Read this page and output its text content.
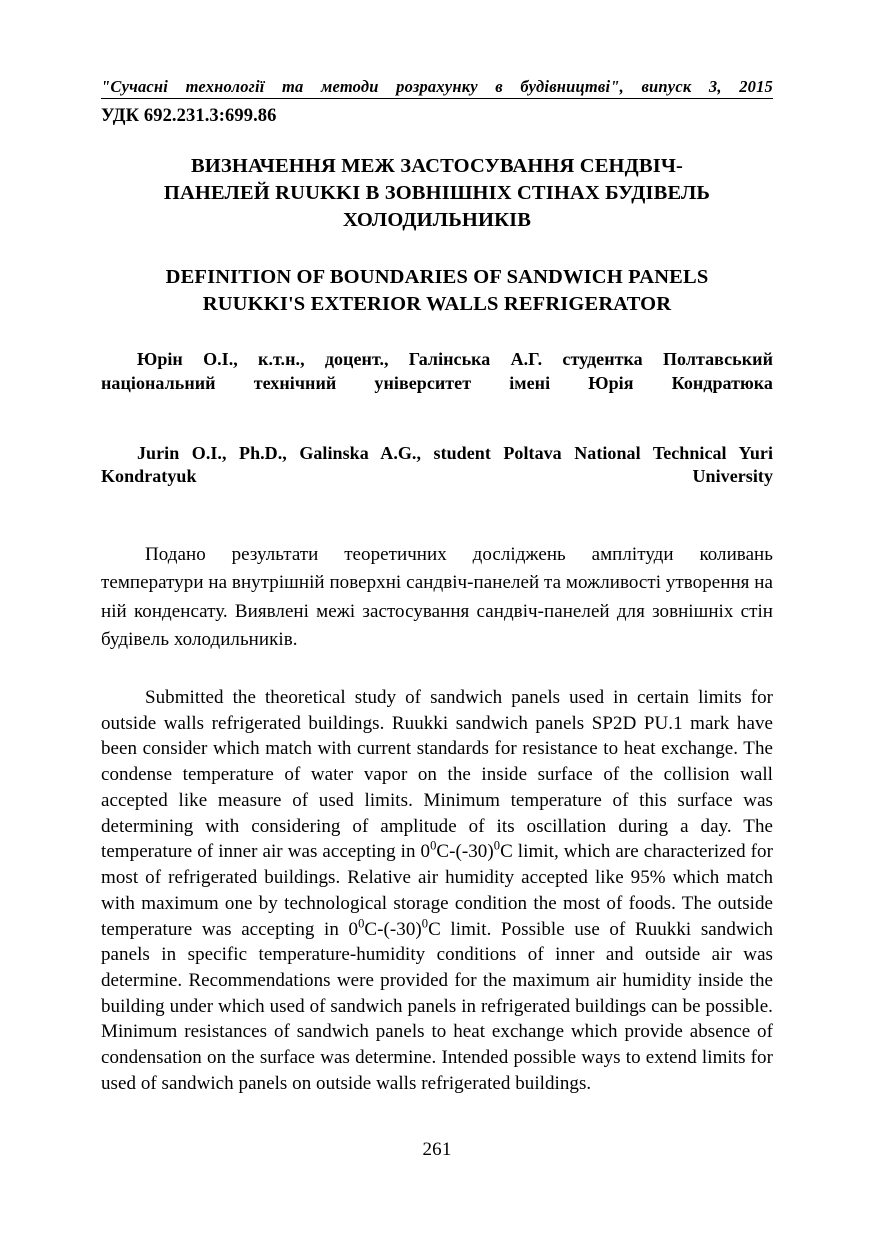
"Сучасні технології та методи розрахунку в будівництві", випуск 3, 2015
УДК 692.231.3:699.86
ВИЗНАЧЕННЯ МЕЖ ЗАСТОСУВАННЯ СЕНДВІЧ-
ПАНЕЛЕЙ RUUKKI В ЗОВНІШНІХ СТІНАХ БУДІВЕЛЬ
ХОЛОДИЛЬНИКІВ
DEFINITION OF BOUNDARIES OF SANDWICH PANELS
RUUKKI'S EXTERIOR WALLS REFRIGERATOR
Юрін О.І., к.т.н., доцент., Галінська А.Г. студентка Полтавський національний технічний університет імені Юрія Кондратюка
Jurin O.I., Ph.D., Galinska A.G., student Poltava National Technical Yuri Kondratyuk University
Подано результати теоретичних досліджень амплітуди коливань температури на внутрішній поверхні сандвіч-панелей та можливості утворення на ній конденсату. Виявлені межі застосування сандвіч-панелей для зовнішніх стін будівель холодильників.
Submitted the theoretical study of sandwich panels used in certain limits for outside walls refrigerated buildings. Ruukki sandwich panels SP2D PU.1 mark have been consider which match with current standards for resistance to heat exchange. The condense temperature of water vapor on the inside surface of the collision wall accepted like measure of used limits. Minimum temperature of this surface was determining with considering of amplitude of its oscillation during a day. The temperature of inner air was accepting in $0^0C-(-30)^0C$ limit, which are characterized for most of refrigerated buildings. Relative air humidity accepted like 95% which match with maximum one by technological storage condition the most of foods. The outside temperature was accepting in $0^0C-(-30)^0C$ limit. Possible use of Ruukki sandwich panels in specific temperature-humidity conditions of inner and outside air was determine. Recommendations were provided for the maximum air humidity inside the building under which used of sandwich panels in refrigerated buildings can be possible. Minimum resistances of sandwich panels to heat exchange which provide absence of condensation on the surface was determine. Intended possible ways to extend limits for used of sandwich panels on outside walls refrigerated buildings.
261
